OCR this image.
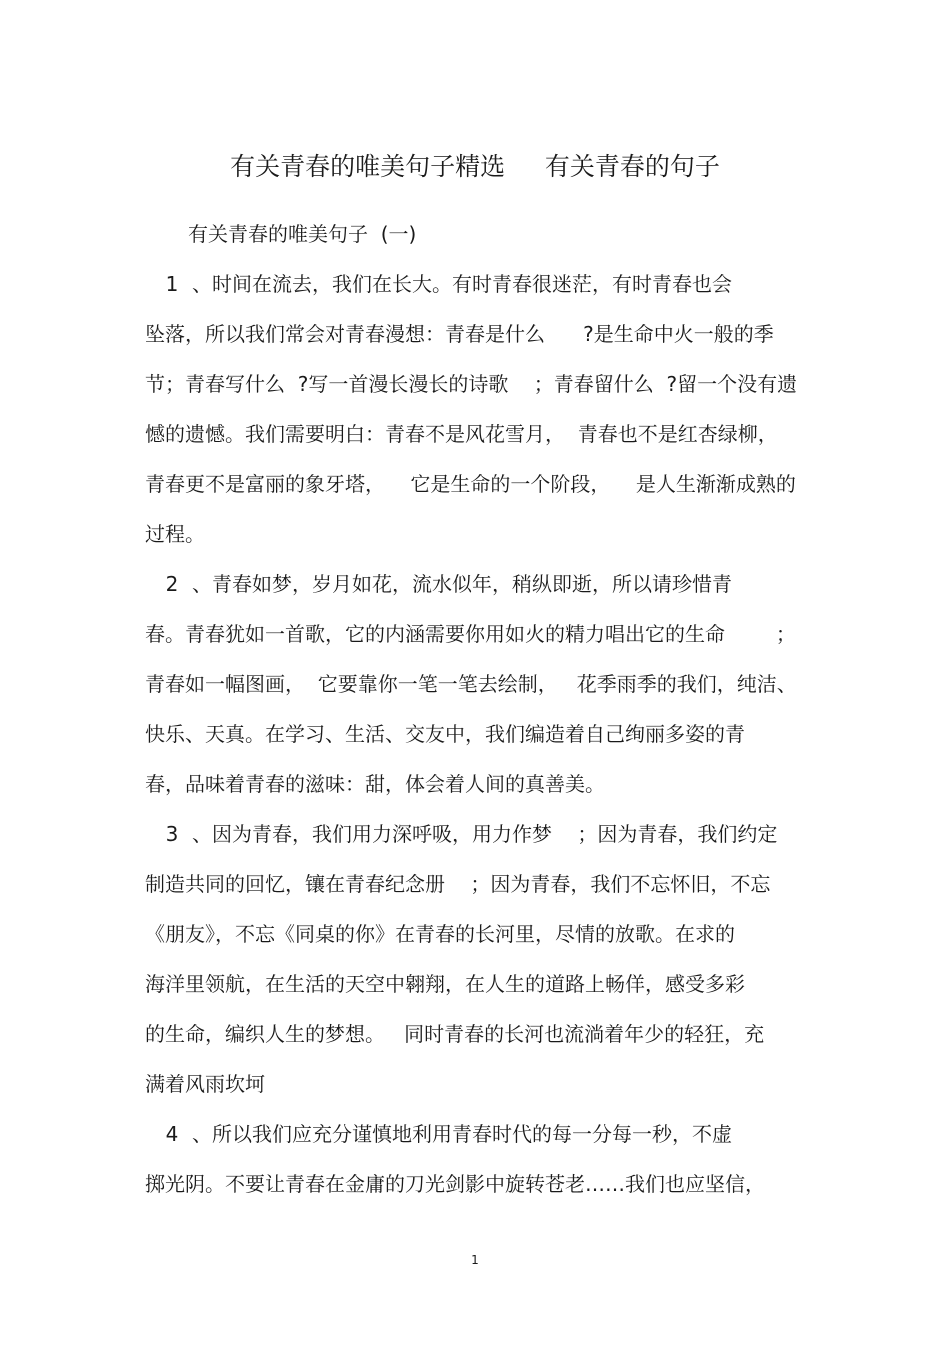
有关青春的唯美句子精选     有关青春的句子

有关青春的唯美句子  (一)

1 、时间在流去，我们在长大。有时青春很迷茫，有时青春也会

坠落，所以我们常会对青春漫想：青春是什么      ?是生命中火一般的季

节；青春写什么  ?写一首漫长漫长的诗歌    ；青春留什么  ?留一个没有遗

憾的遗憾。我们需要明白：青春不是风花雪月，  青春也不是红杏绿柳，

青春更不是富丽的象牙塔，    它是生命的一个阶段，    是人生渐渐成熟的

过程。

2 、青春如梦，岁月如花，流水似年，稍纵即逝，所以请珍惜青

春。青春犹如一首歌，它的内涵需要你用如火的精力唱出它的生命        ；

青春如一幅图画，  它要靠你一笔一笔去绘制，   花季雨季的我们，纯洁、

快乐、天真。在学习、生活、交友中，我们编造着自己绚丽多姿的青

春，品味着青春的滋味：甜，体会着人间的真善美。

3 、因为青春，我们用力深呼吸，用力作梦    ；因为青春，我们约定

制造共同的回忆，镶在青春纪念册    ；因为青春，我们不忘怀旧，不忘

《朋友》，不忘《同桌的你》在青春的长河里，尽情的放歌。在求的

海洋里领航，在生活的天空中翱翔，在人生的道路上畅佯，感受多彩

的生命，编织人生的梦想。   同时青春的长河也流淌着年少的轻狂，充

满着风雨坎坷

4 、所以我们应充分谨慎地利用青春时代的每一分每一秒，不虚

掷光阴。不要让青春在金庸的刀光剑影中旋转苍老……我们也应坚信，

1
